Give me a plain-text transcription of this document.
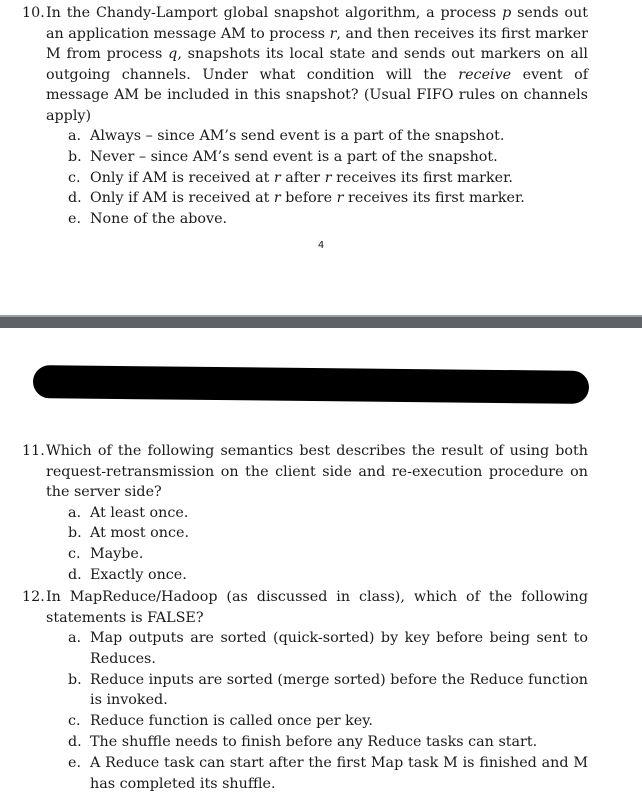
10. In the Chandy-Lamport global snapshot algorithm, a process p sends out an application message AM to process r, and then receives its first marker M from process q, snapshots its local state and sends out markers on all outgoing channels. Under what condition will the receive event of message AM be included in this snapshot? (Usual FIFO rules on channels apply)
a. Always – since AM’s send event is a part of the snapshot.
b. Never – since AM’s send event is a part of the snapshot.
c. Only if AM is received at r after r receives its first marker.
d. Only if AM is received at r before r receives its first marker.
e. None of the above.
4
11. Which of the following semantics best describes the result of using both request-retransmission on the client side and re-execution procedure on the server side?
a. At least once.
b. At most once.
c. Maybe.
d. Exactly once.
12. In MapReduce/Hadoop (as discussed in class), which of the following statements is FALSE?
a. Map outputs are sorted (quick-sorted) by key before being sent to Reduces.
b. Reduce inputs are sorted (merge sorted) before the Reduce function is invoked.
c. Reduce function is called once per key.
d. The shuffle needs to finish before any Reduce tasks can start.
e. A Reduce task can start after the first Map task M is finished and M has completed its shuffle.
